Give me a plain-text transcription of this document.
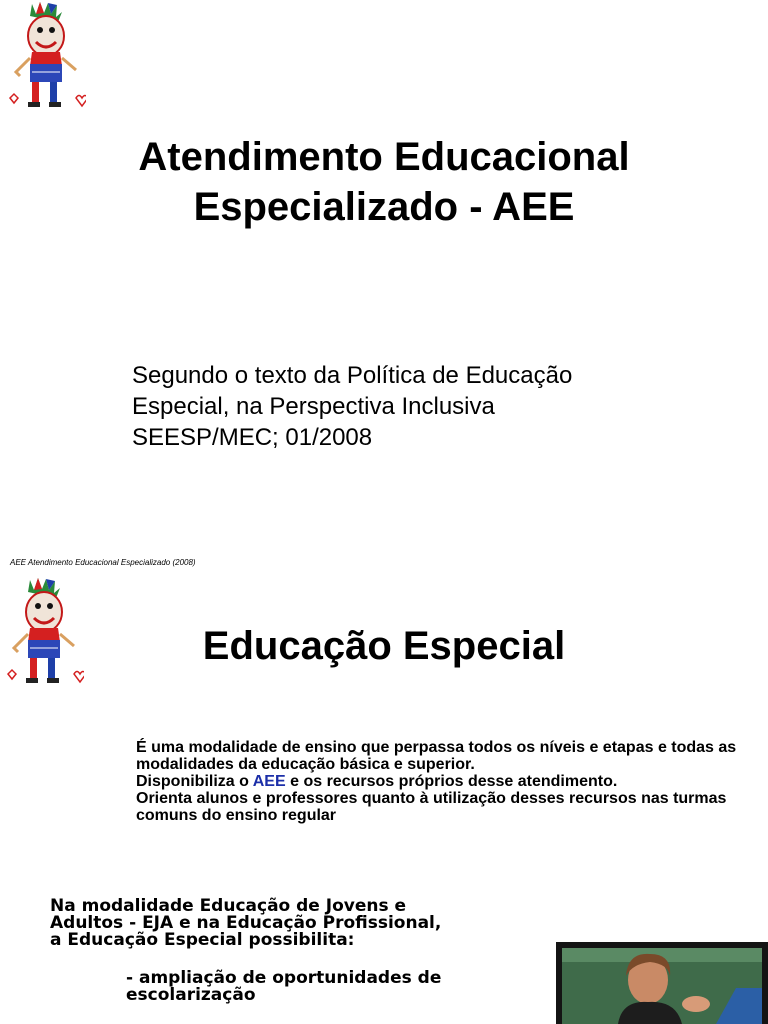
Atendimento Educacional
Especializado - AEE
Segundo o texto da Política de Educação
Especial, na Perspectiva Inclusiva
SEESP/MEC; 01/2008
AEE Atendimento Educacional Especializado (2008)
Educação Especial

É uma modalidade de ensino que perpassa todos os níveis e etapas e todas as modalidades da educação básica e superior.

Disponibiliza o AEE e os recursos próprios desse atendimento.

Orienta alunos e professores quanto à utilização desses recursos nas turmas comuns do ensino regular

Na modalidade Educação de Jovens e
Adultos - EJA e na Educação Profissional,
a Educação Especial possibilita:
- ampliação de oportunidades de
escolarização
